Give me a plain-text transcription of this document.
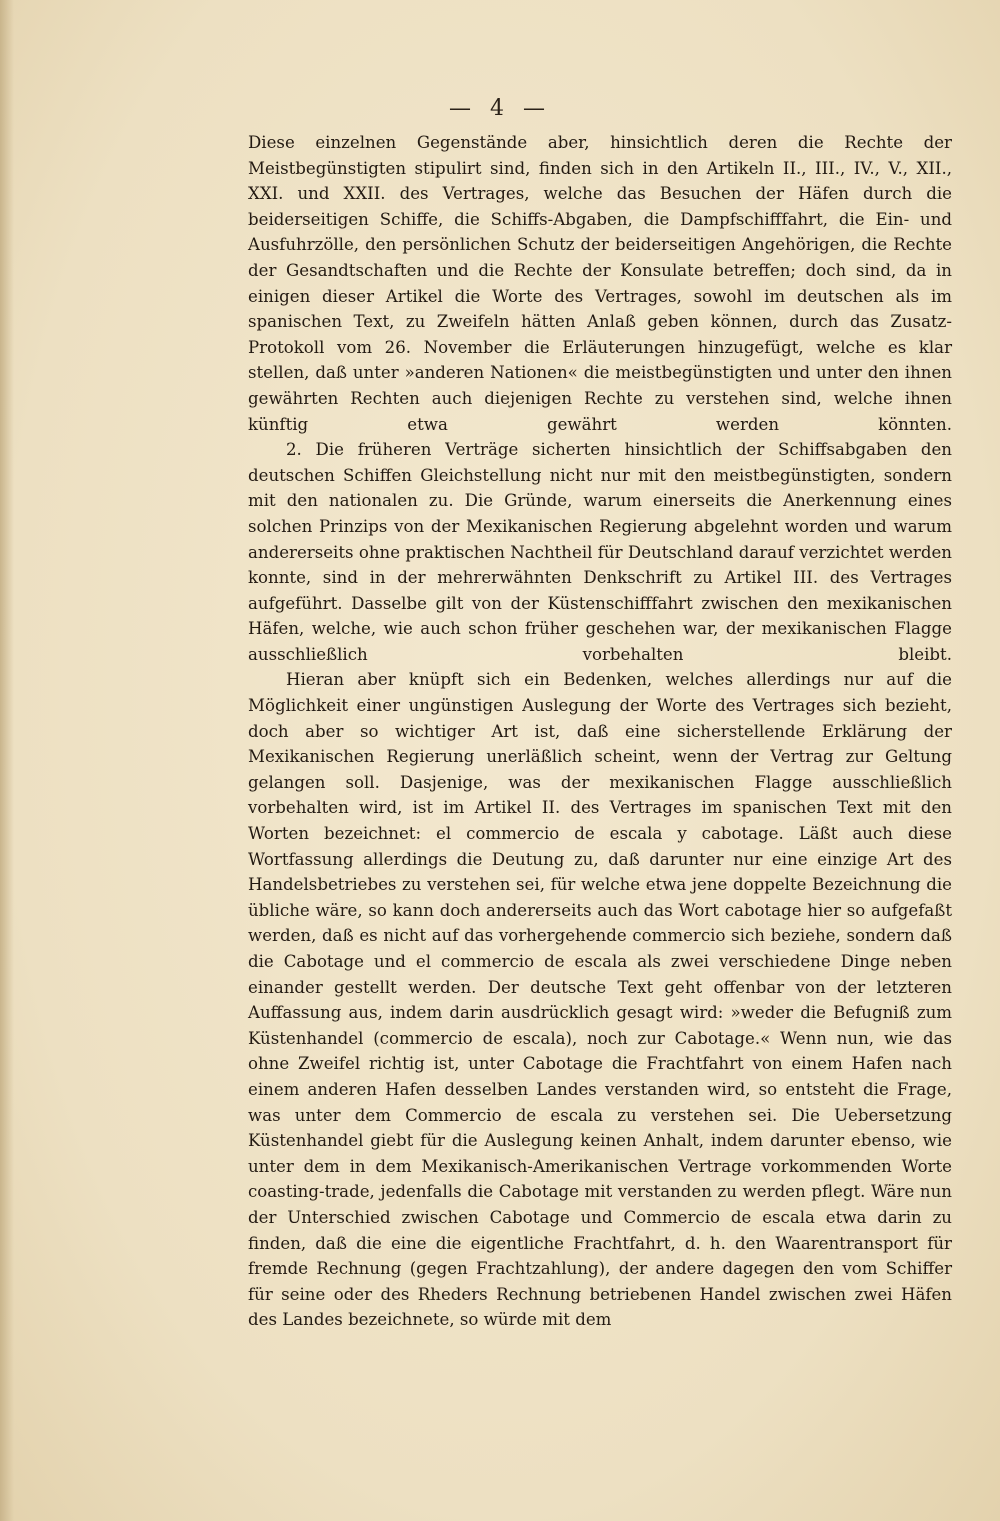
— 4 —

Diese einzelnen Gegenstände aber, hinsichtlich deren die Rechte der Meistbegünstigten stipulirt sind, finden sich in den Artikeln II., III., IV., V., XII., XXI. und XXII. des Vertrages, welche das Besuchen der Häfen durch die beiderseitigen Schiffe, die Schiffs-Abgaben, die Dampfschifffahrt, die Ein- und Ausfuhrzölle, den persönlichen Schutz der beiderseitigen Angehörigen, die Rechte der Gesandtschaften und die Rechte der Konsulate betreffen; doch sind, da in einigen dieser Artikel die Worte des Vertrages, sowohl im deutschen als im spanischen Text, zu Zweifeln hätten Anlaß geben können, durch das Zusatz-Protokoll vom 26. November die Erläuterungen hinzugefügt, welche es klar stellen, daß unter »anderen Nationen« die meistbegünstigten und unter den ihnen gewährten Rechten auch diejenigen Rechte zu verstehen sind, welche ihnen künftig etwa gewährt werden könnten.

2. Die früheren Verträge sicherten hinsichtlich der Schiffsabgaben den deutschen Schiffen Gleichstellung nicht nur mit den meistbegünstigten, sondern mit den nationalen zu. Die Gründe, warum einerseits die Anerkennung eines solchen Prinzips von der Mexikanischen Regierung abgelehnt worden und warum andererseits ohne praktischen Nachtheil für Deutschland darauf verzichtet werden konnte, sind in der mehrerwähnten Denkschrift zu Artikel III. des Vertrages aufgeführt. Dasselbe gilt von der Küstenschifffahrt zwischen den mexikanischen Häfen, welche, wie auch schon früher geschehen war, der mexikanischen Flagge ausschließlich vorbehalten bleibt.

Hieran aber knüpft sich ein Bedenken, welches allerdings nur auf die Möglichkeit einer ungünstigen Auslegung der Worte des Vertrages sich bezieht, doch aber so wichtiger Art ist, daß eine sicherstellende Erklärung der Mexikanischen Regierung unerläßlich scheint, wenn der Vertrag zur Geltung gelangen soll. Dasjenige, was der mexikanischen Flagge ausschließlich vorbehalten wird, ist im Artikel II. des Vertrages im spanischen Text mit den Worten bezeichnet: el commercio de escala y cabotage. Läßt auch diese Wortfassung allerdings die Deutung zu, daß darunter nur eine einzige Art des Handelsbetriebes zu verstehen sei, für welche etwa jene doppelte Bezeichnung die übliche wäre, so kann doch andererseits auch das Wort cabotage hier so aufgefaßt werden, daß es nicht auf das vorhergehende commercio sich beziehe, sondern daß die Cabotage und el commercio de escala als zwei verschiedene Dinge neben einander gestellt werden. Der deutsche Text geht offenbar von der letzteren Auffassung aus, indem darin ausdrücklich gesagt wird: »weder die Befugniß zum Küstenhandel (commercio de escala), noch zur Cabotage.« Wenn nun, wie das ohne Zweifel richtig ist, unter Cabotage die Frachtfahrt von einem Hafen nach einem anderen Hafen desselben Landes verstanden wird, so entsteht die Frage, was unter dem Commercio de escala zu verstehen sei. Die Uebersetzung Küstenhandel giebt für die Auslegung keinen Anhalt, indem darunter ebenso, wie unter dem in dem Mexikanisch-Amerikanischen Vertrage vorkommenden Worte coasting-trade, jedenfalls die Cabotage mit verstanden zu werden pflegt. Wäre nun der Unterschied zwischen Cabotage und Commercio de escala etwa darin zu finden, daß die eine die eigentliche Frachtfahrt, d. h. den Waarentransport für fremde Rechnung (gegen Frachtzahlung), der andere dagegen den vom Schiffer für seine oder des Rheders Rechnung betriebenen Handel zwischen zwei Häfen des Landes bezeichnete, so würde mit dem
